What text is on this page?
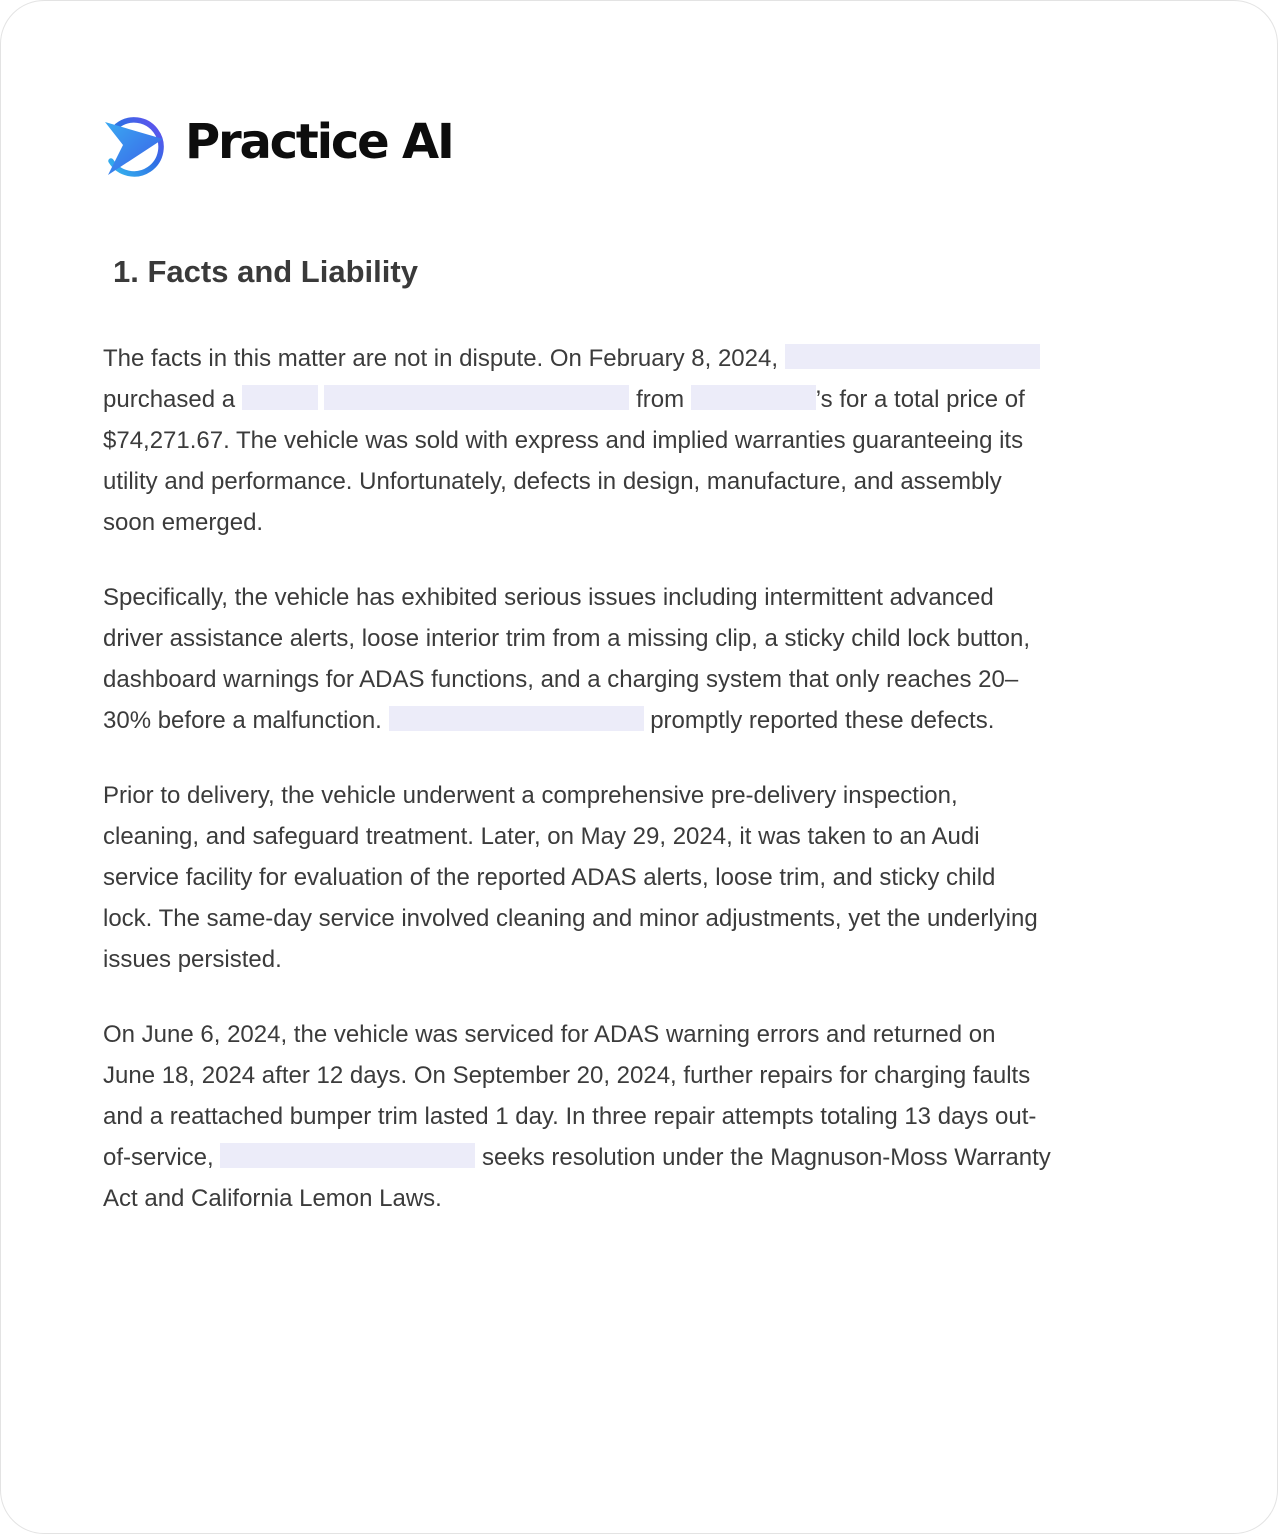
Practice AI
1. Facts and Liability

The facts in this matter are not in dispute. On February 8, 2024,
purchased a	from	’s for a total price of
$74,271.67. The vehicle was sold with express and implied warranties guaranteeing its
utility and performance. Unfortunately, defects in design, manufacture, and assembly
soon emerged.

Specifically, the vehicle has exhibited serious issues including intermittent advanced
driver assistance alerts, loose interior trim from a missing clip, a sticky child lock button,
dashboard warnings for ADAS functions, and a charging system that only reaches 20–
30% before a malfunction.	promptly reported these defects.

Prior to delivery, the vehicle underwent a comprehensive pre-delivery inspection,
cleaning, and safeguard treatment. Later, on May 29, 2024, it was taken to an Audi
service facility for evaluation of the reported ADAS alerts, loose trim, and sticky child
lock. The same-day service involved cleaning and minor adjustments, yet the underlying
issues persisted.

On June 6, 2024, the vehicle was serviced for ADAS warning errors and returned on
June 18, 2024 after 12 days. On September 20, 2024, further repairs for charging faults
and a reattached bumper trim lasted 1 day. In three repair attempts totaling 13 days out-
of-service,	seeks resolution under the Magnuson-Moss Warranty
Act and California Lemon Laws.
